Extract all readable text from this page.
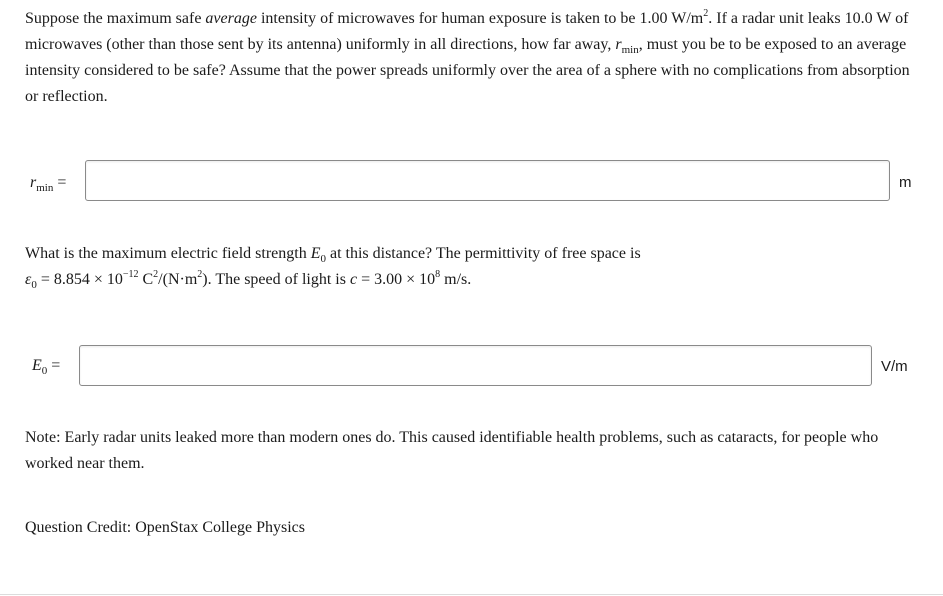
Suppose the maximum safe average intensity of microwaves for human exposure is taken to be 1.00 $W/m^2$. If a radar unit leaks 10.0 W of microwaves (other than those sent by its antenna) uniformly in all directions, how far away, $r_{min}$, must you be to be exposed to an average intensity considered to be safe? Assume that the power spreads uniformly over the area of a sphere with no complications from absorption or reflection.

$r_{min}$ =	m

What is the maximum electric field strength $E_0$ at this distance? The permittivity of free space is
$\varepsilon_0 = 8.854 \times 10^{-12}$ $C^2/(N\cdot m^2)$. The speed of light is $c = 3.00 \times 10^8$ m/s.

$E_0$ =	V/m

Note: Early radar units leaked more than modern ones do. This caused identifiable health problems, such as cataracts, for people who worked near them.

Question Credit: OpenStax College Physics
